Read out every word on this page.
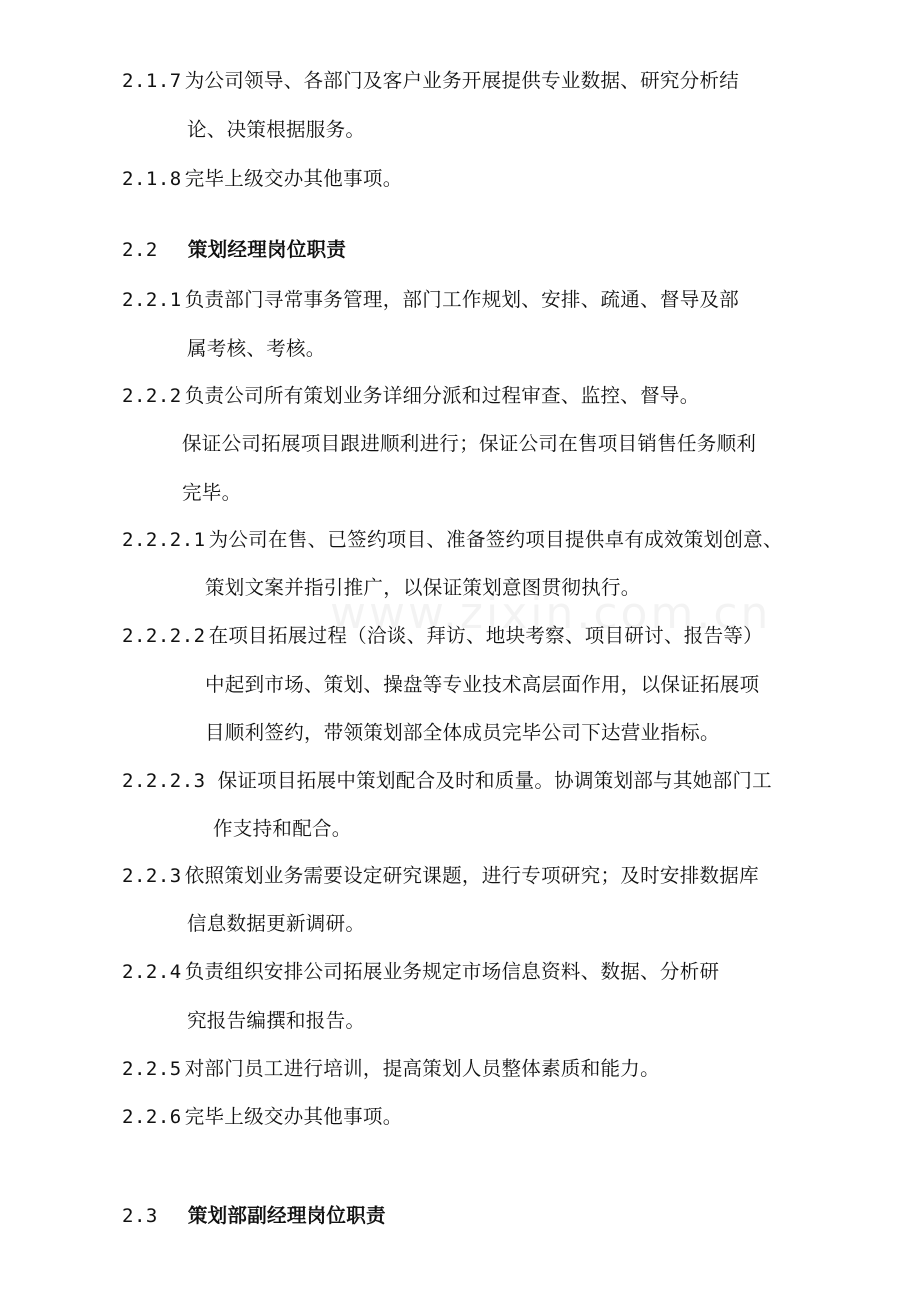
2.1.7 为公司领导、各部门及客户业务开展提供专业数据、研究分析结
论、决策根据服务。
2.1.8 完毕上级交办其他事项。
2.2 策划经理岗位职责
2.2.1 负责部门寻常事务管理，部门工作规划、安排、疏通、督导及部
属考核、考核。
2.2.2 负责公司所有策划业务详细分派和过程审查、监控、督导。
保证公司拓展项目跟进顺利进行；保证公司在售项目销售任务顺利
完毕。
2.2.2.1 为公司在售、已签约项目、准备签约项目提供卓有成效策划创意、
策划文案并指引推广，以保证策划意图贯彻执行。
2.2.2.2 在项目拓展过程（洽谈、拜访、地块考察、项目研讨、报告等）
中起到市场、策划、操盘等专业技术高层面作用，以保证拓展项
目顺利签约，带领策划部全体成员完毕公司下达营业指标。
2.2.2.3 保证项目拓展中策划配合及时和质量。协调策划部与其她部门工
作支持和配合。
2.2.3 依照策划业务需要设定研究课题，进行专项研究；及时安排数据库
信息数据更新调研。
2.2.4 负责组织安排公司拓展业务规定市场信息资料、数据、分析研
究报告编撰和报告。
2.2.5 对部门员工进行培训，提高策划人员整体素质和能力。
2.2.6 完毕上级交办其他事项。
2.3 策划部副经理岗位职责
